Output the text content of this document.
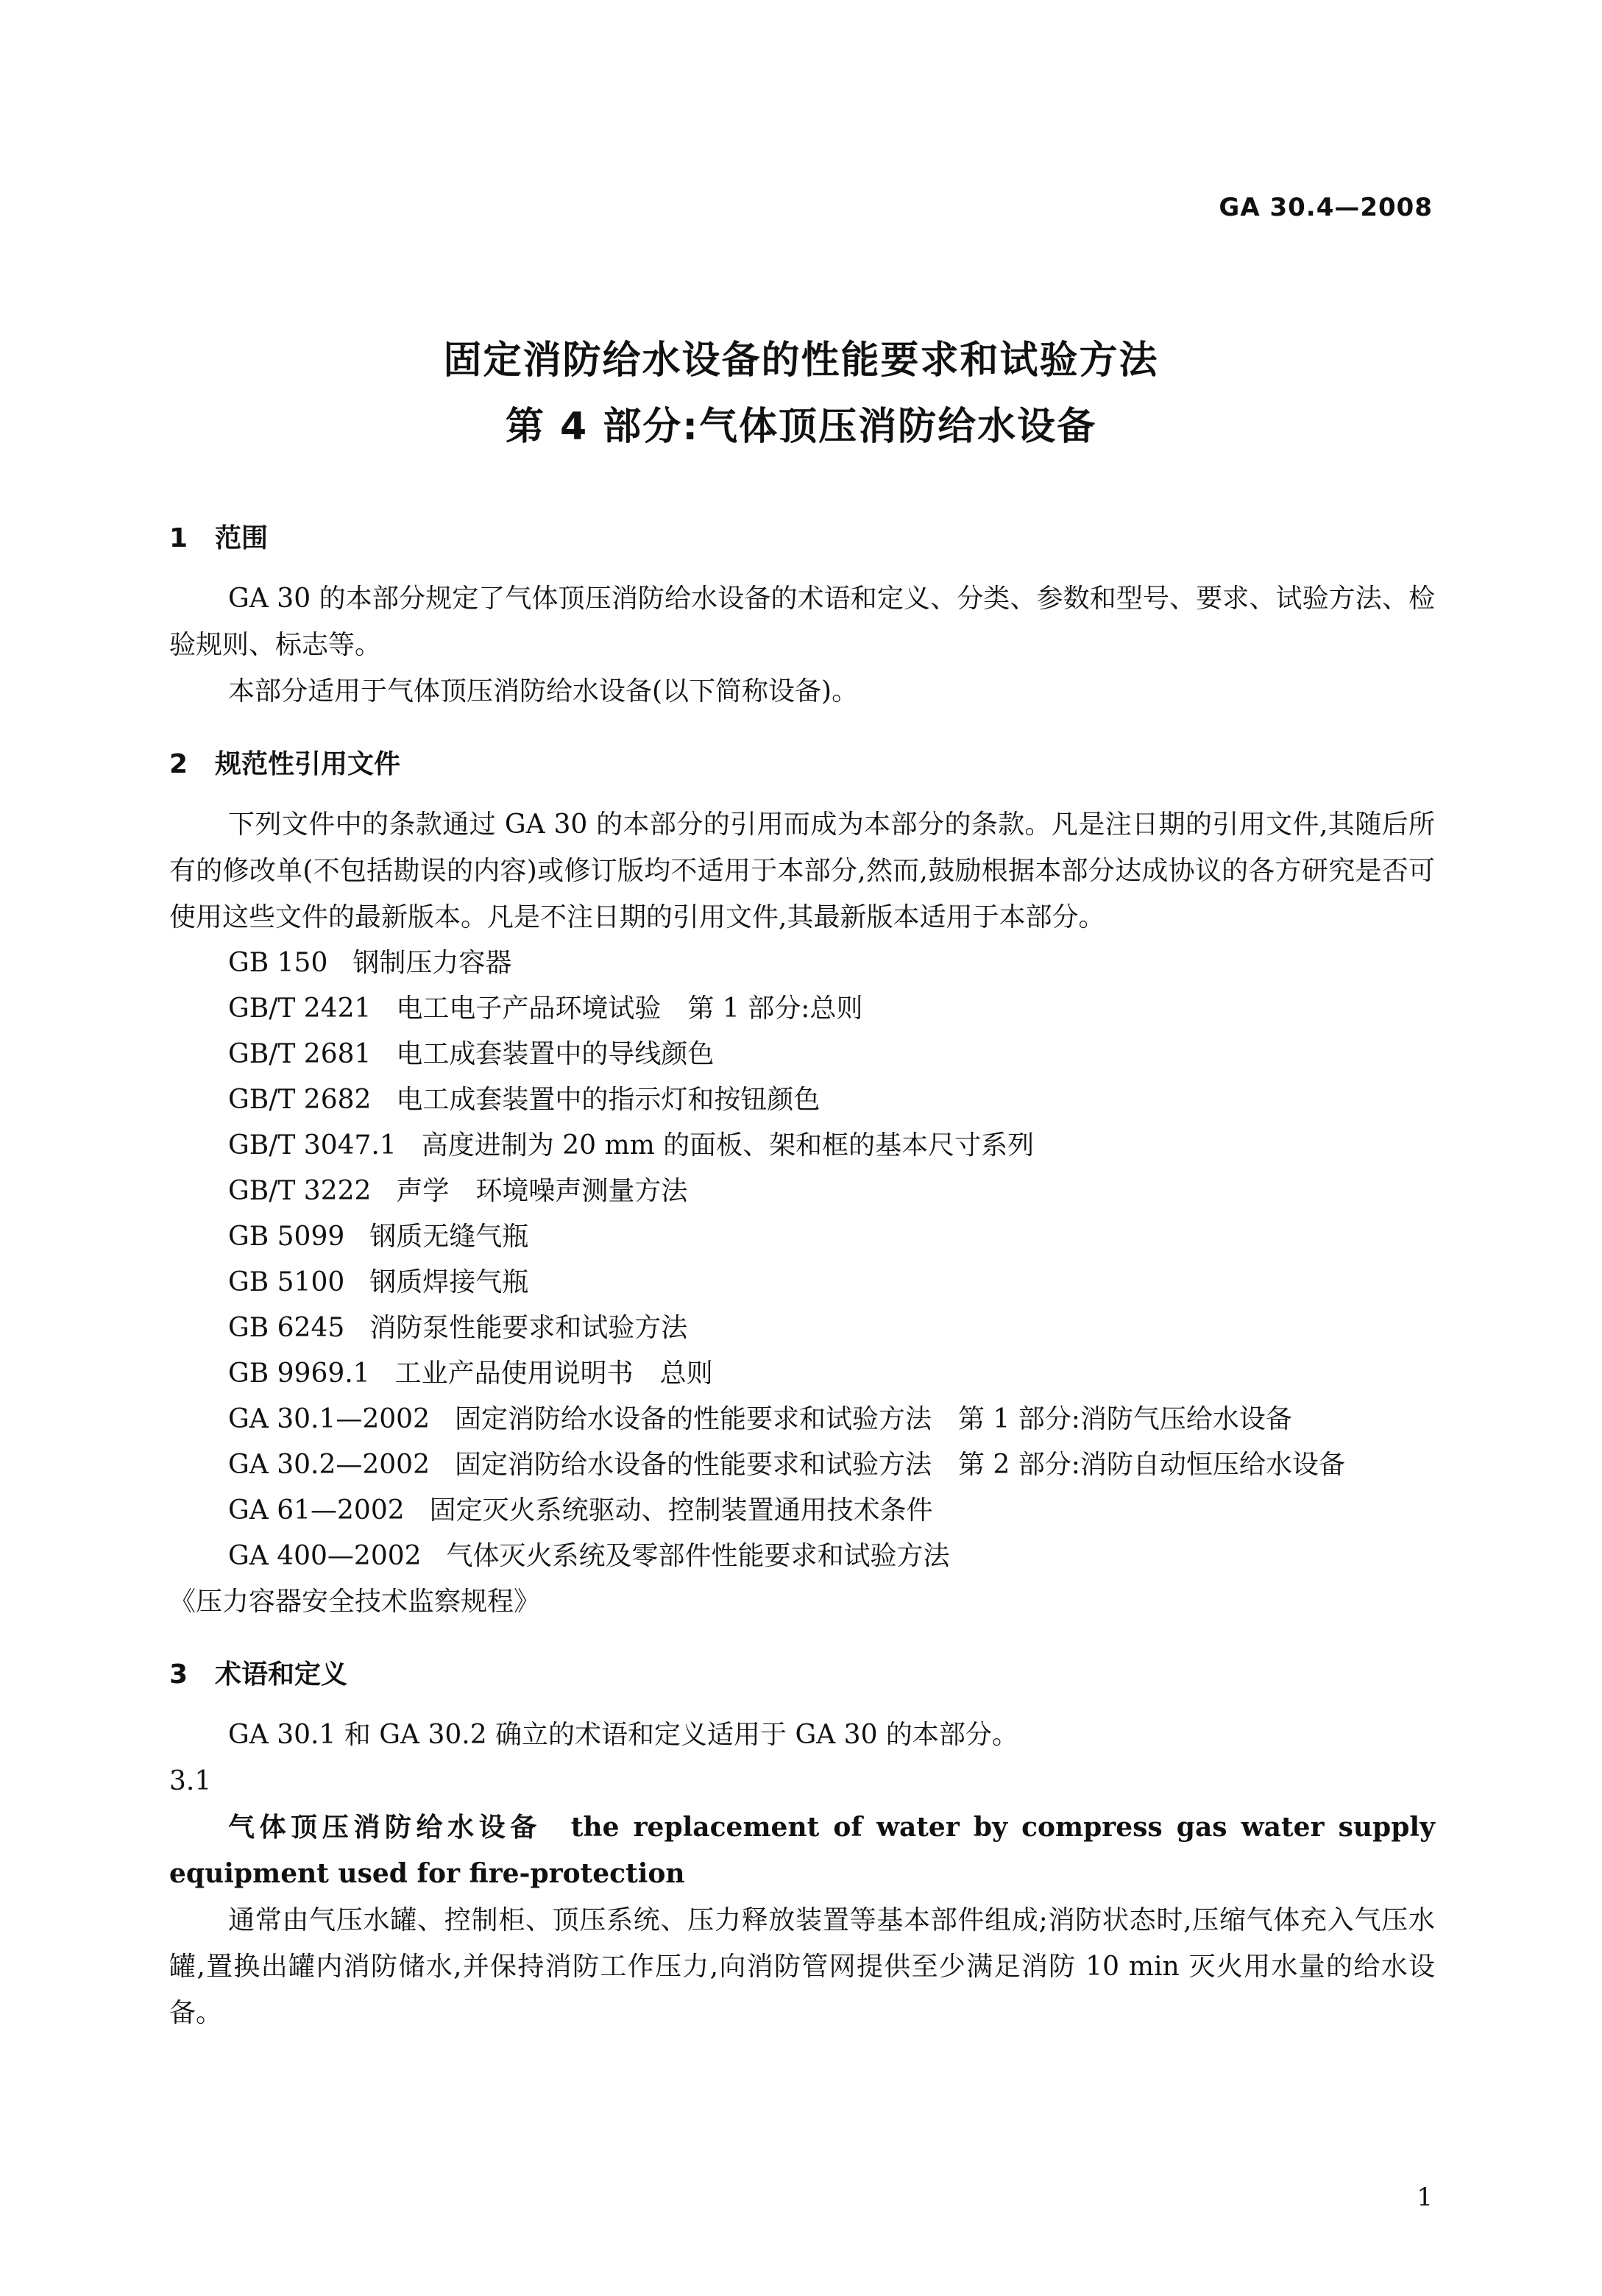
GA 30.4—2008
固定消防给水设备的性能要求和试验方法
第 4 部分:气体顶压消防给水设备
1 范围

GA 30 的本部分规定了气体顶压消防给水设备的术语和定义、分类、参数和型号、要求、试验方法、检验规则、标志等。

本部分适用于气体顶压消防给水设备(以下简称设备)。

2 规范性引用文件

下列文件中的条款通过 GA 30 的本部分的引用而成为本部分的条款。凡是注日期的引用文件,其随后所有的修改单(不包括勘误的内容)或修订版均不适用于本部分,然而,鼓励根据本部分达成协议的各方研究是否可使用这些文件的最新版本。凡是不注日期的引用文件,其最新版本适用于本部分。

GB 150 钢制压力容器
GB/T 2421 电工电子产品环境试验　第 1 部分:总则
GB/T 2681 电工成套装置中的导线颜色
GB/T 2682 电工成套装置中的指示灯和按钮颜色
GB/T 3047.1 高度进制为 20 mm 的面板、架和框的基本尺寸系列
GB/T 3222 声学　环境噪声测量方法
GB 5099 钢质无缝气瓶
GB 5100 钢质焊接气瓶
GB 6245 消防泵性能要求和试验方法
GB 9969.1 工业产品使用说明书　总则
GA 30.1—2002 固定消防给水设备的性能要求和试验方法　第 1 部分:消防气压给水设备
GA 30.2—2002 固定消防给水设备的性能要求和试验方法　第 2 部分:消防自动恒压给水设备
GA 61—2002 固定灭火系统驱动、控制装置通用技术条件
GA 400—2002 气体灭火系统及零部件性能要求和试验方法
《压力容器安全技术监察规程》
3 术语和定义

GA 30.1 和 GA 30.2 确立的术语和定义适用于 GA 30 的本部分。

3.1

气体顶压消防给水设备 the replacement of water by compress gas water supply equipment used for fire-protection

通常由气压水罐、控制柜、顶压系统、压力释放装置等基本部件组成;消防状态时,压缩气体充入气压水罐,置换出罐内消防储水,并保持消防工作压力,向消防管网提供至少满足消防 10 min 灭火用水量的给水设备。

1
